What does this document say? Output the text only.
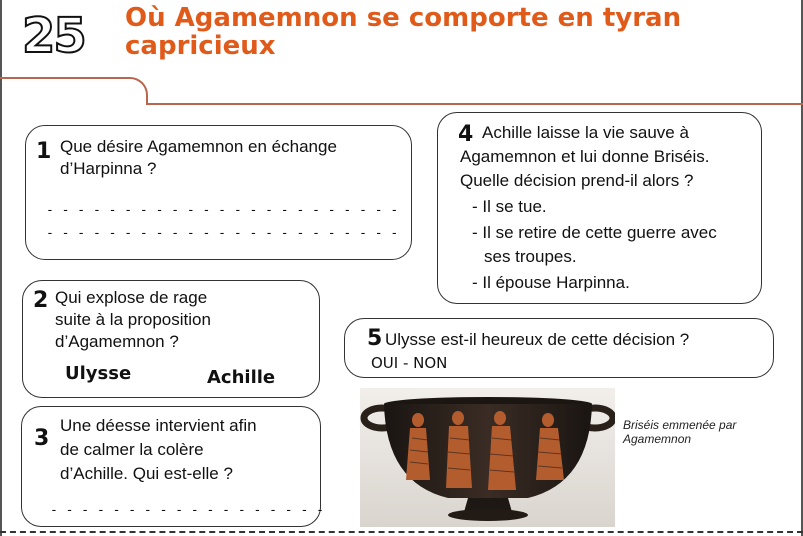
25 Où Agamemnon se comporte en tyran
capricieux
1 Que désire Agamemnon en échange
d’Harpinna ?
- - - - - - - - - - - - - - - - - - - - - - -
- - - - - - - - - - - - - - - - - - - - - - -
2 Qui explose de rage
suite à la proposition
d’Agamemnon ?
Ulysse	Achille
3
Une déesse intervient afin
de calmer la colère
d’Achille. Qui est-elle ?
- - - - - - - - - - - - - - - - - -
4 Achille laisse la vie sauve à
Agamemnon et lui donne Briséis.
Quelle décision prend-il alors ?
- Il se tue.
- Il se retire de cette guerre avec
ses troupes.
- Il épouse Harpinna.
5 Ulysse est-il heureux de cette décision ?
OUI - NON
Briséis emmenée par
Agamemnon
